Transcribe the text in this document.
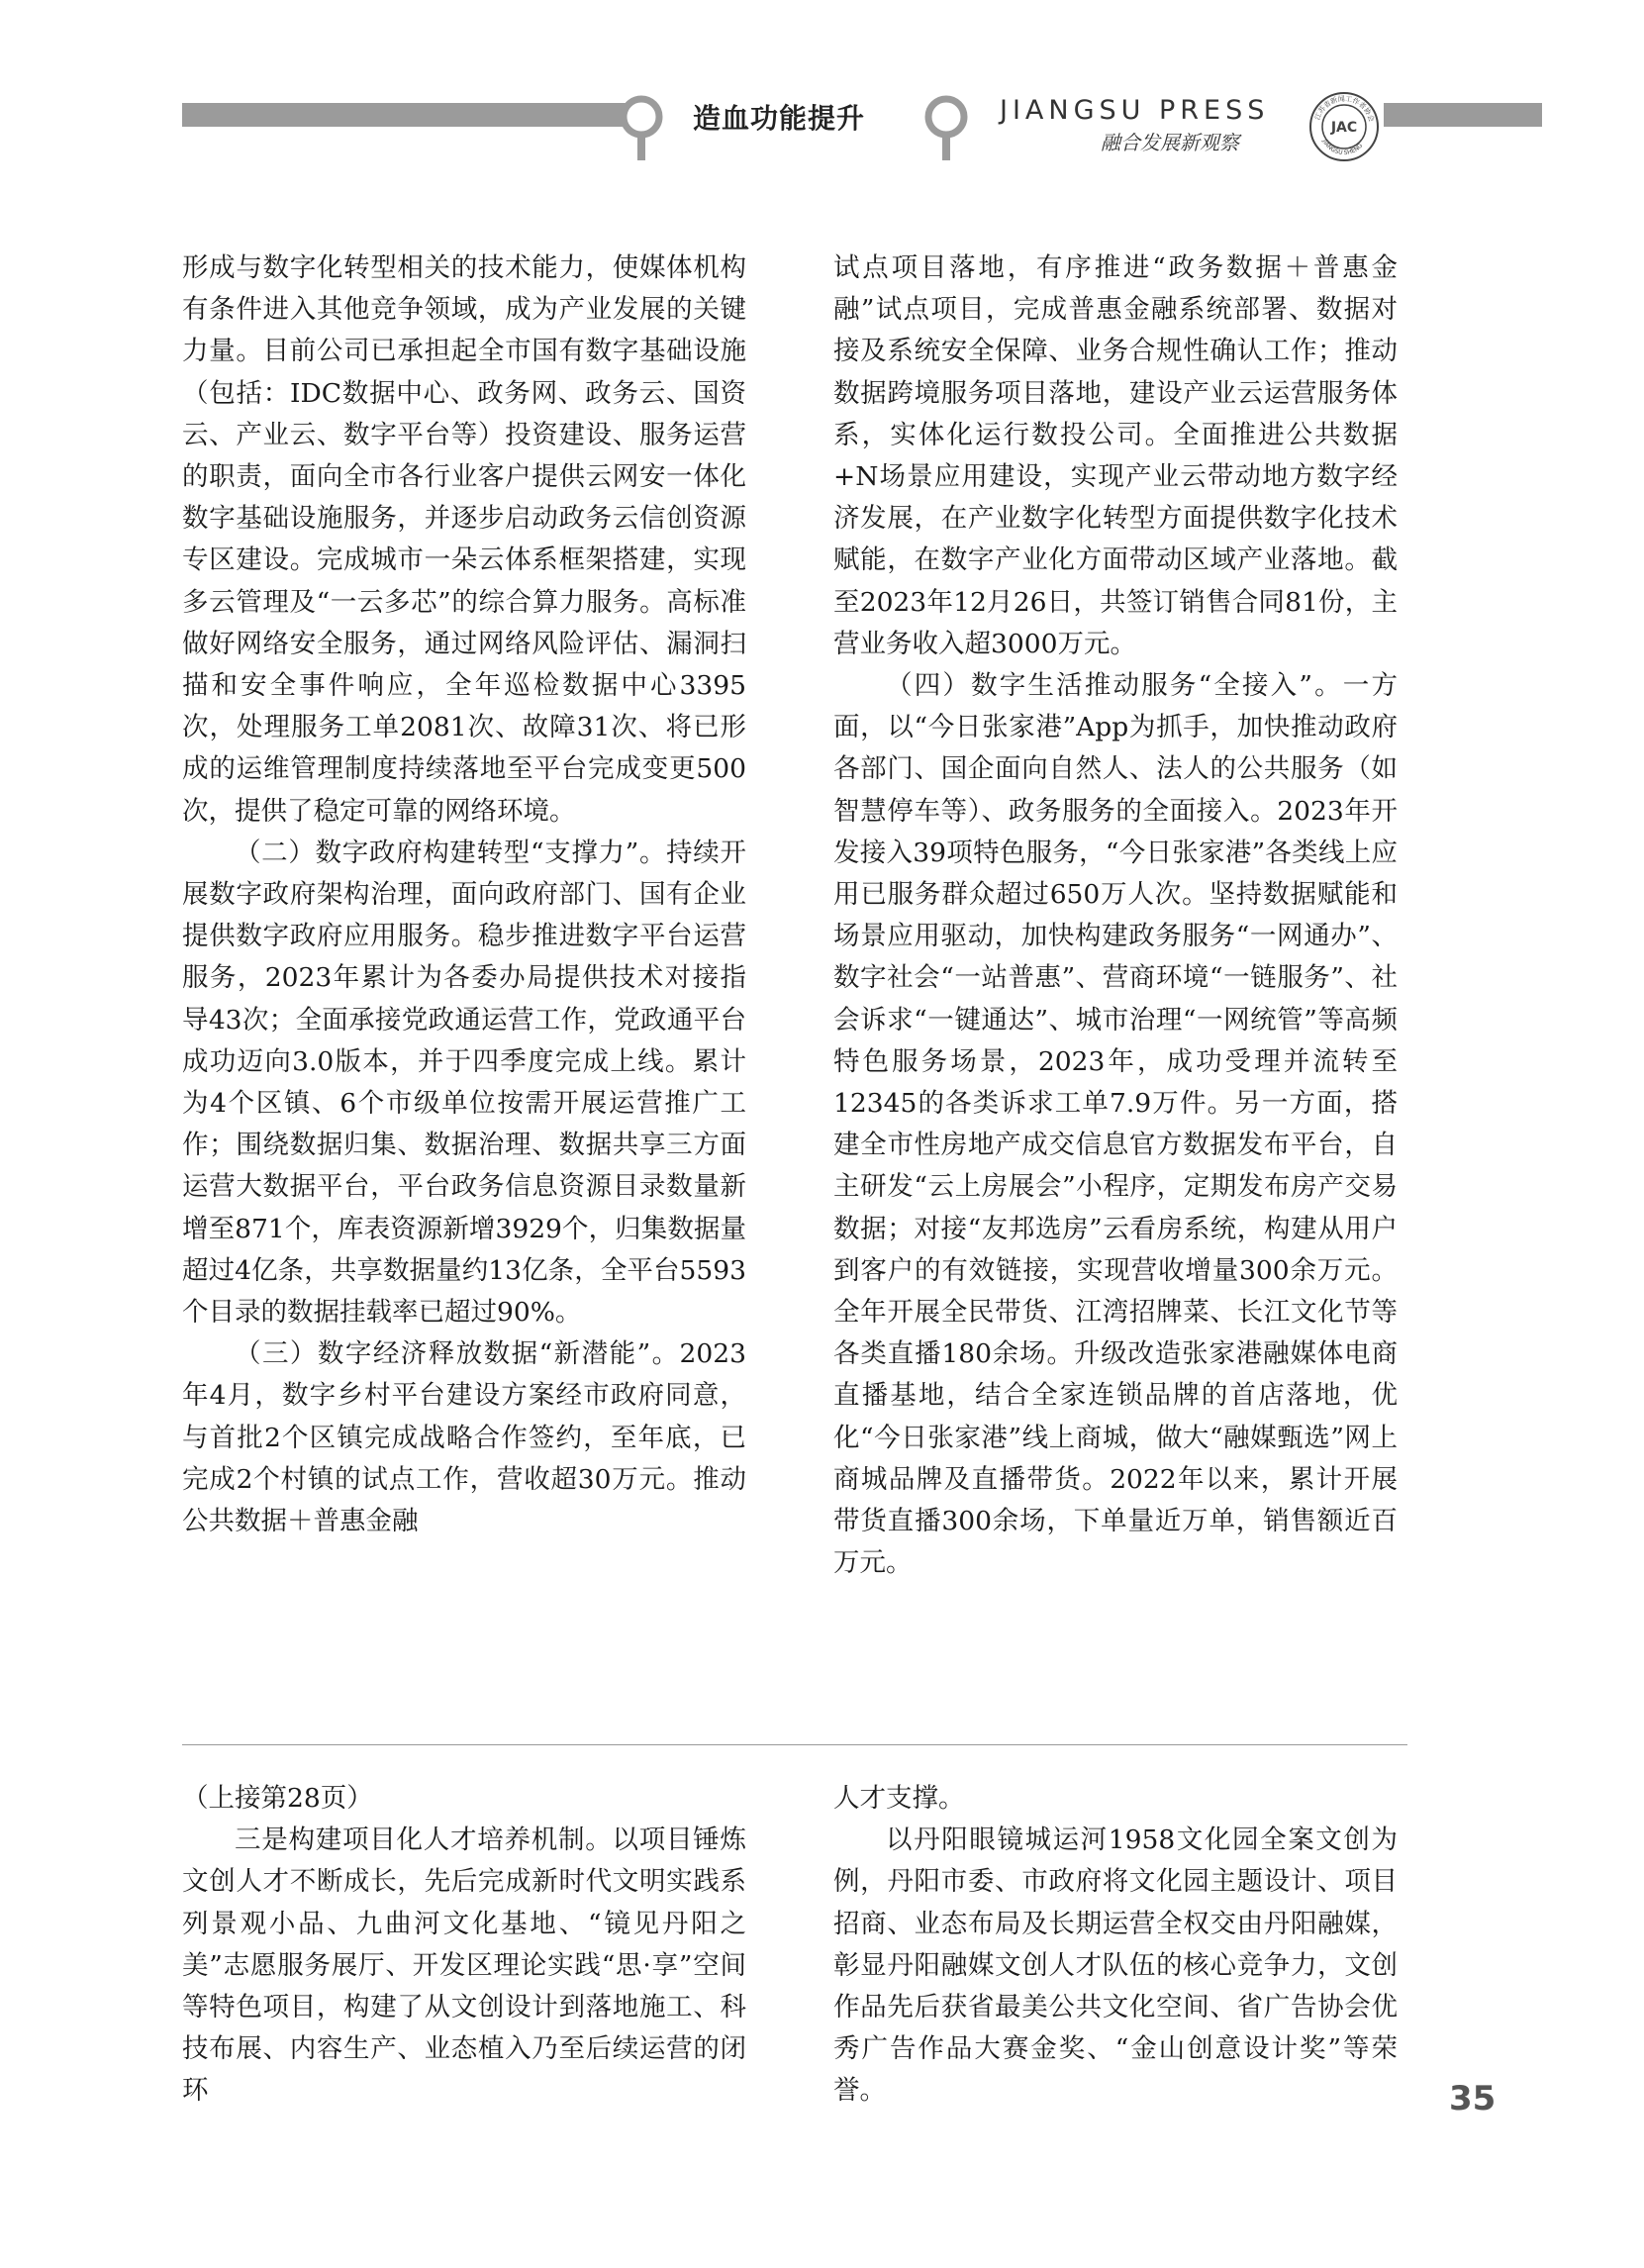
造血功能提升	JIANGSU PRESS
融合发展新观察
江苏省新闻工作者协会
JIANGSU SHENG
JAC

形成与数字化转型相关的技术能力，使媒体机构有条件进入其他竞争领域，成为产业发展的关键力量。目前公司已承担起全市国有数字基础设施（包括：IDC数据中心、政务网、政务云、国资云、产业云、数字平台等）投资建设、服务运营的职责，面向全市各行业客户提供云网安一体化数字基础设施服务，并逐步启动政务云信创资源专区建设。完成城市一朵云体系框架搭建，实现多云管理及“一云多芯”的综合算力服务。高标准做好网络安全服务，通过网络风险评估、漏洞扫描和安全事件响应，全年巡检数据中心3395次，处理服务工单2081次、故障31次、将已形成的运维管理制度持续落地至平台完成变更500次，提供了稳定可靠的网络环境。

（二）数字政府构建转型“支撑力”。持续开展数字政府架构治理，面向政府部门、国有企业提供数字政府应用服务。稳步推进数字平台运营服务，2023年累计为各委办局提供技术对接指导43次；全面承接党政通运营工作，党政通平台成功迈向3.0版本，并于四季度完成上线。累计为4个区镇、6个市级单位按需开展运营推广工作；围绕数据归集、数据治理、数据共享三方面运营大数据平台，平台政务信息资源目录数量新增至871个，库表资源新增3929个，归集数据量超过4亿条，共享数据量约13亿条，全平台5593个目录的数据挂载率已超过90%。

（三）数字经济释放数据“新潜能”。2023年4月，数字乡村平台建设方案经市政府同意，与首批2个区镇完成战略合作签约，至年底，已完成2个村镇的试点工作，营收超30万元。推动公共数据＋普惠金融

试点项目落地，有序推进“政务数据＋普惠金融”试点项目，完成普惠金融系统部署、数据对接及系统安全保障、业务合规性确认工作；推动数据跨境服务项目落地，建设产业云运营服务体系，实体化运行数投公司。全面推进公共数据+N场景应用建设，实现产业云带动地方数字经济发展，在产业数字化转型方面提供数字化技术赋能，在数字产业化方面带动区域产业落地。截至2023年12月26日，共签订销售合同81份，主营业务收入超3000万元。

（四）数字生活推动服务“全接入”。一方面，以“今日张家港”App为抓手，加快推动政府各部门、国企面向自然人、法人的公共服务（如智慧停车等）、政务服务的全面接入。2023年开发接入39项特色服务，“今日张家港”各类线上应用已服务群众超过650万人次。坚持数据赋能和场景应用驱动，加快构建政务服务“一网通办”、数字社会“一站普惠”、营商环境“一链服务”、社会诉求“一键通达”、城市治理“一网统管”等高频特色服务场景，2023年，成功受理并流转至12345的各类诉求工单7.9万件。另一方面，搭建全市性房地产成交信息官方数据发布平台，自主研发“云上房展会”小程序，定期发布房产交易数据；对接“友邦选房”云看房系统，构建从用户到客户的有效链接，实现营收增量300余万元。全年开展全民带货、江湾招牌菜、长江文化节等各类直播180余场。升级改造张家港融媒体电商直播基地，结合全家连锁品牌的首店落地，优化“今日张家港”线上商城，做大“融媒甄选”网上商城品牌及直播带货。2022年以来，累计开展带货直播300余场，下单量近万单，销售额近百万元。

（上接第28页）

三是构建项目化人才培养机制。以项目锤炼文创人才不断成长，先后完成新时代文明实践系列景观小品、九曲河文化基地、“镜见丹阳之美”志愿服务展厅、开发区理论实践“思·享”空间等特色项目，构建了从文创设计到落地施工、科技布展、内容生产、业态植入乃至后续运营的闭环

人才支撑。

以丹阳眼镜城运河1958文化园全案文创为例，丹阳市委、市政府将文化园主题设计、项目招商、业态布局及长期运营全权交由丹阳融媒，彰显丹阳融媒文创人才队伍的核心竞争力，文创作品先后获省最美公共文化空间、省广告协会优秀广告作品大赛金奖、“金山创意设计奖”等荣誉。	35
